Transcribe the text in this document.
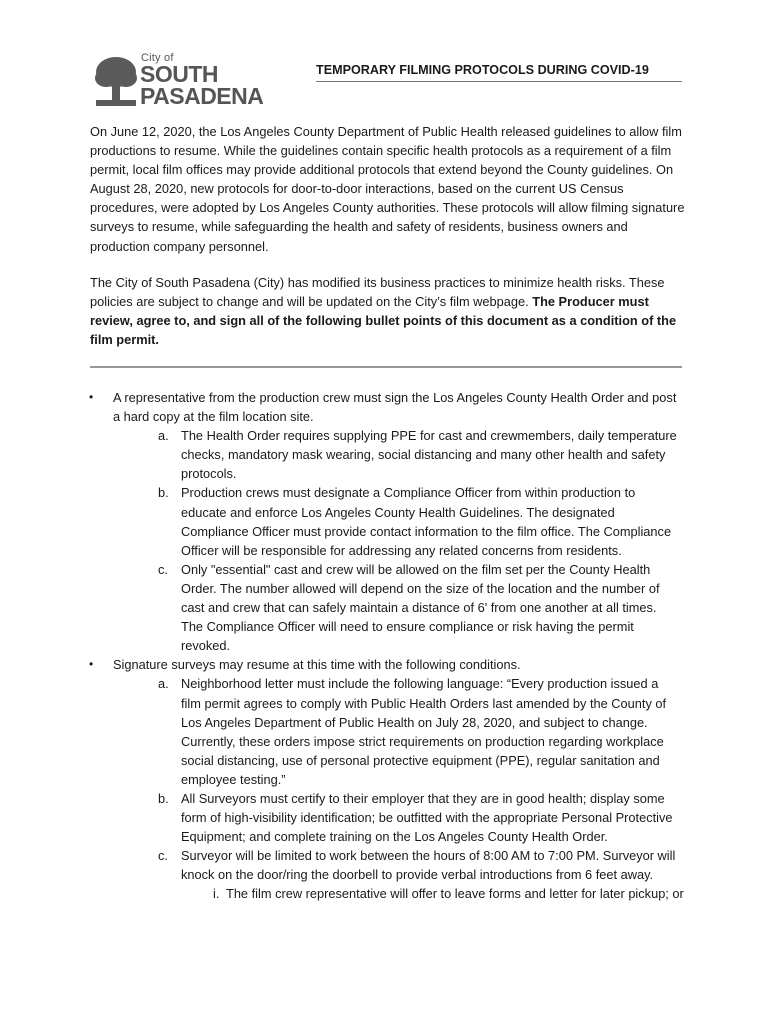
City of
SOUTH
PASADENA
TEMPORARY FILMING PROTOCOLS DURING COVID-19

On June 12, 2020, the Los Angeles County Department of Public Health released guidelines to allow film productions to resume. While the guidelines contain specific health protocols as a requirement of a film permit, local film offices may provide additional protocols that extend beyond the County guidelines. On August 28, 2020, new protocols for door-to-door interactions, based on the current US Census procedures, were adopted by Los Angeles County authorities. These protocols will allow filming signature surveys to resume, while safeguarding the health and safety of residents, business owners and production company personnel.

The City of South Pasadena (City) has modified its business practices to minimize health risks. These policies are subject to change and will be updated on the City’s film webpage. The Producer must review, agree to, and sign all of the following bullet points of this document as a condition of the film permit.

• A representative from the production crew must sign the Los Angeles County Health Order and post a hard copy at the film location site.
a. The Health Order requires supplying PPE for cast and crewmembers, daily temperature checks, mandatory mask wearing, social distancing and many other health and safety protocols.
b. Production crews must designate a Compliance Officer from within production to educate and enforce Los Angeles County Health Guidelines. The designated Compliance Officer must provide contact information to the film office. The Compliance Officer will be responsible for addressing any related concerns from residents.
c. Only "essential" cast and crew will be allowed on the film set per the County Health Order. The number allowed will depend on the size of the location and the number of cast and crew that can safely maintain a distance of 6' from one another at all times. The Compliance Officer will need to ensure compliance or risk having the permit revoked.
• Signature surveys may resume at this time with the following conditions.
a. Neighborhood letter must include the following language: “Every production issued a film permit agrees to comply with Public Health Orders last amended by the County of Los Angeles Department of Public Health on July 28, 2020, and subject to change. Currently, these orders impose strict requirements on production regarding workplace social distancing, use of personal protective equipment (PPE), regular sanitation and employee testing.”
b. All Surveyors must certify to their employer that they are in good health; display some form of high-visibility identification; be outfitted with the appropriate Personal Protective Equipment; and complete training on the Los Angeles County Health Order.
c. Surveyor will be limited to work between the hours of 8:00 AM to 7:00 PM. Surveyor will knock on the door/ring the doorbell to provide verbal introductions from 6 feet away.
i. The film crew representative will offer to leave forms and letter for later pickup; or
